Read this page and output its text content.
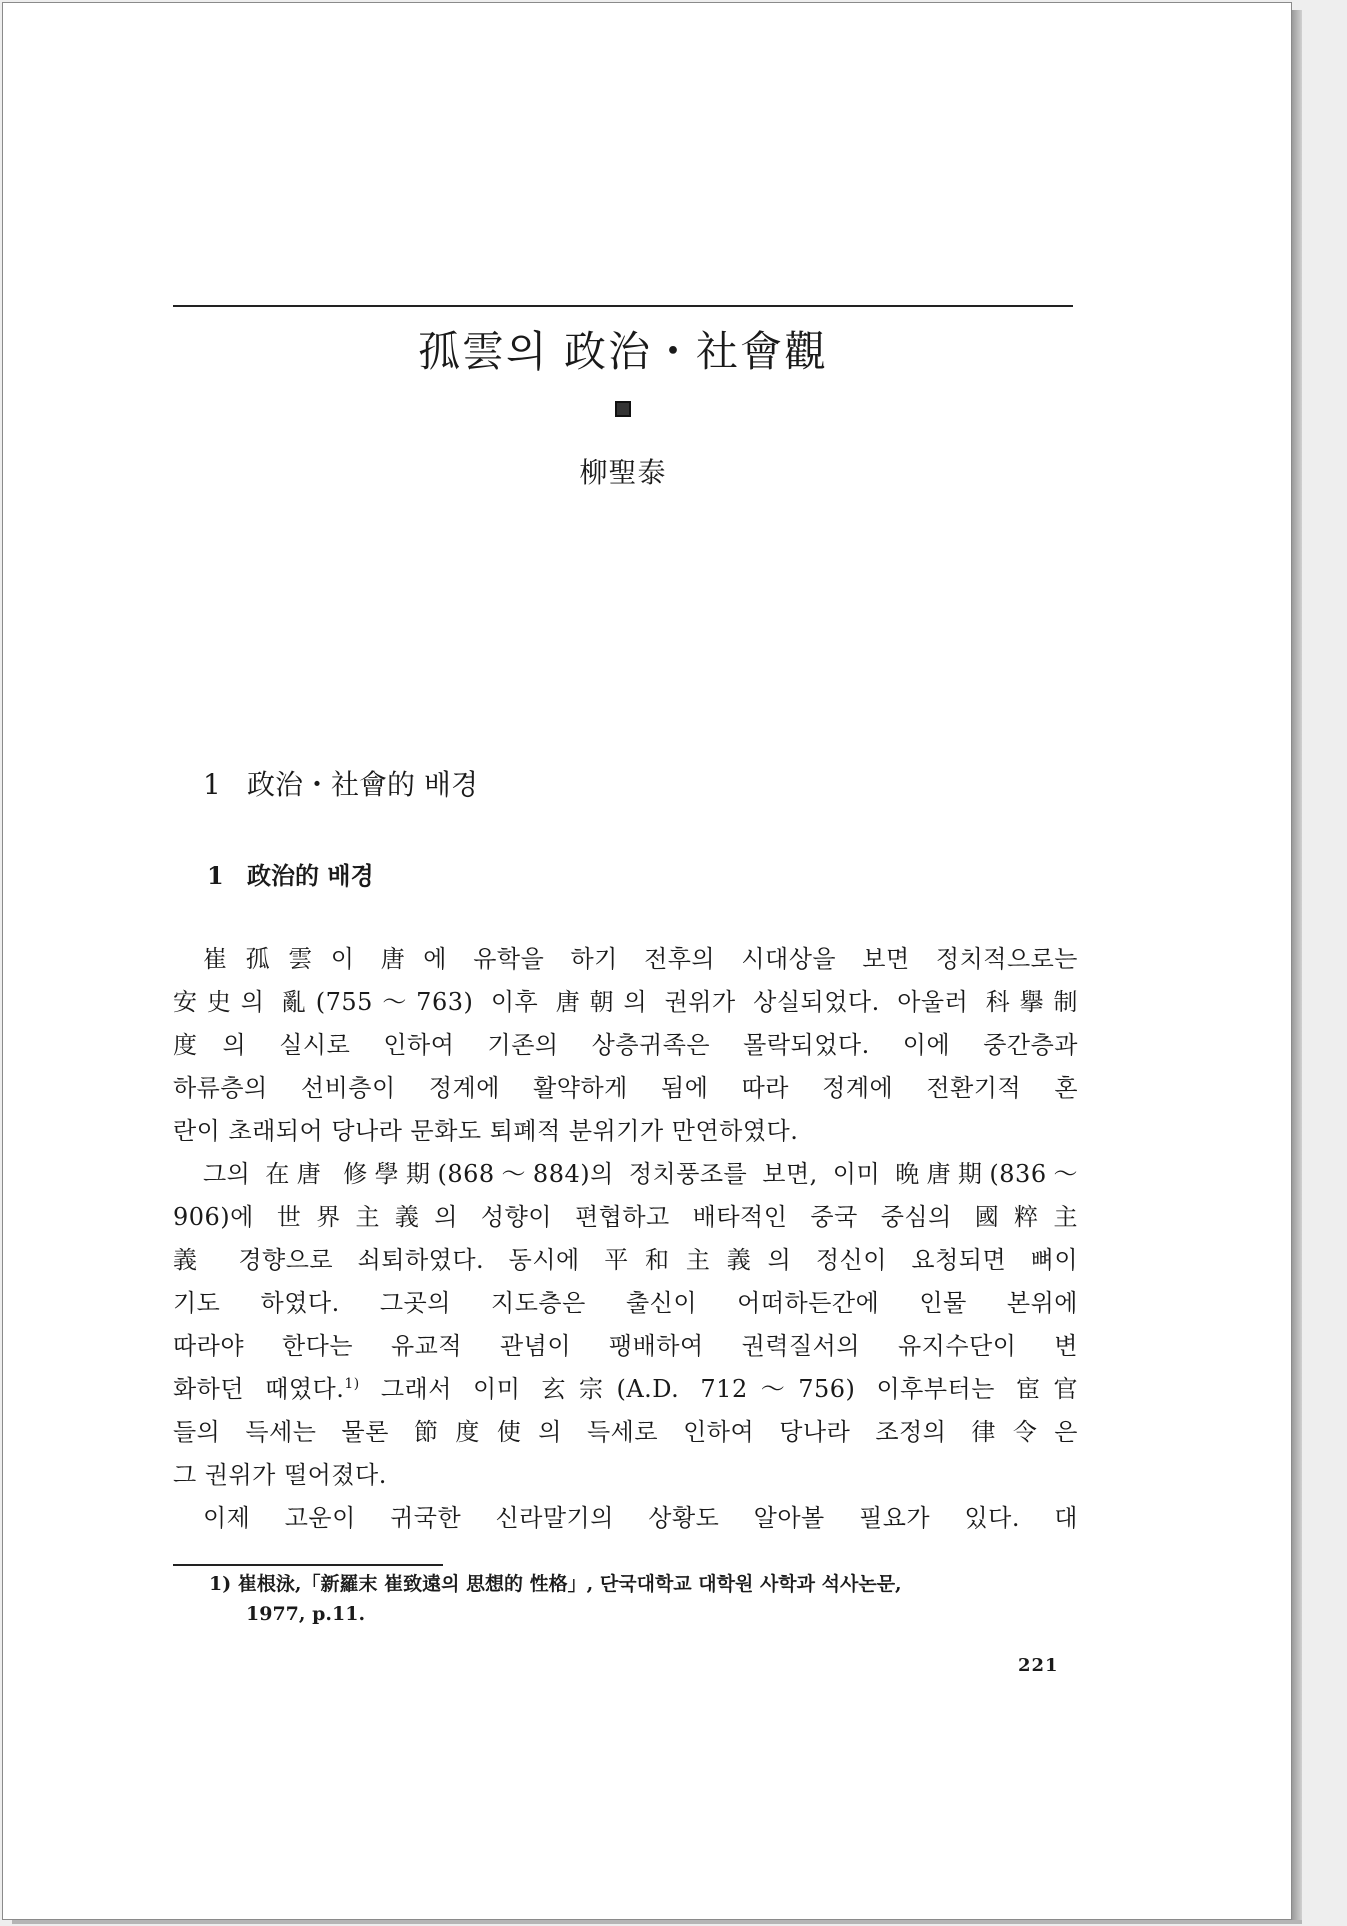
孤雲의 政治・社會觀
柳聖泰
1 政治・社會的 배경
1 政治的 배경
崔孤雲이 唐에 유학을 하기 전후의 시대상을 보면 정치적으로는
安史의 亂(755～763) 이후 唐朝의 권위가 상실되었다. 아울러 科擧制
度의 실시로 인하여 기존의 상층귀족은 몰락되었다. 이에 중간층과
하류층의 선비층이 정계에 활약하게 됨에 따라 정계에 전환기적 혼
란이 초래되어 당나라 문화도 퇴폐적 분위기가 만연하였다.
그의 在唐 修學期(868～884)의 정치풍조를 보면, 이미 晩唐期(836～
906)에 世界主義의 성향이 편협하고 배타적인 중국 중심의 國粹主
義 경향으로 쇠퇴하였다. 동시에 平和主義의 정신이 요청되면 뼈이
기도 하였다. 그곳의 지도층은 출신이 어떠하든간에 인물 본위에
따라야 한다는 유교적 관념이 팽배하여 권력질서의 유지수단이 변
화하던 때였다.$^{1)}$ 그래서 이미 玄宗(A.D. 712～756) 이후부터는 宦官
들의 득세는 물론 節度使의 득세로 인하여 당나라 조정의 律令은
그 권위가 떨어졌다.
이제 고운이 귀국한 신라말기의 상황도 알아볼 필요가 있다. 대
1) 崔根泳,「新羅末 崔致遠의 思想的 性格」, 단국대학교 대학원 사학과 석사논문,
1977, p.11.
221
